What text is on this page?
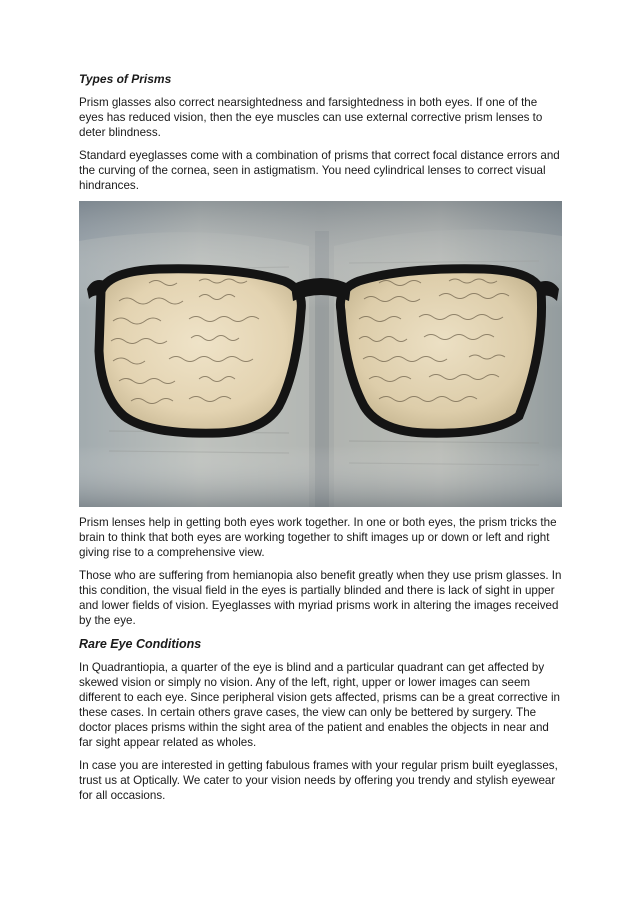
Types of Prisms

Prism glasses also correct nearsightedness and farsightedness in both eyes. If one of the eyes has reduced vision, then the eye muscles can use external corrective prism lenses to deter blindness.

Standard eyeglasses come with a combination of prisms that correct focal distance errors and the curving of the cornea, seen in astigmatism. You need cylindrical lenses to correct visual hindrances.

Prism lenses help in getting both eyes work together. In one or both eyes, the prism tricks the brain to think that both eyes are working together to shift images up or down or left and right giving rise to a comprehensive view.

Those who are suffering from hemianopia also benefit greatly when they use prism glasses. In this condition, the visual field in the eyes is partially blinded and there is lack of sight in upper and lower fields of vision. Eyeglasses with myriad prisms work in altering the images received by the eye.

Rare Eye Conditions

In Quadrantiopia, a quarter of the eye is blind and a particular quadrant can get affected by skewed vision or simply no vision. Any of the left, right, upper or lower images can seem different to each eye. Since peripheral vision gets affected, prisms can be a great corrective in these cases. In certain others grave cases, the view can only be bettered by surgery. The doctor places prisms within the sight area of the patient and enables the objects in near and far sight appear related as wholes.

In case you are interested in getting fabulous frames with your regular prism built eyeglasses, trust us at Optically. We cater to your vision needs by offering you trendy and stylish eyewear for all occasions.
